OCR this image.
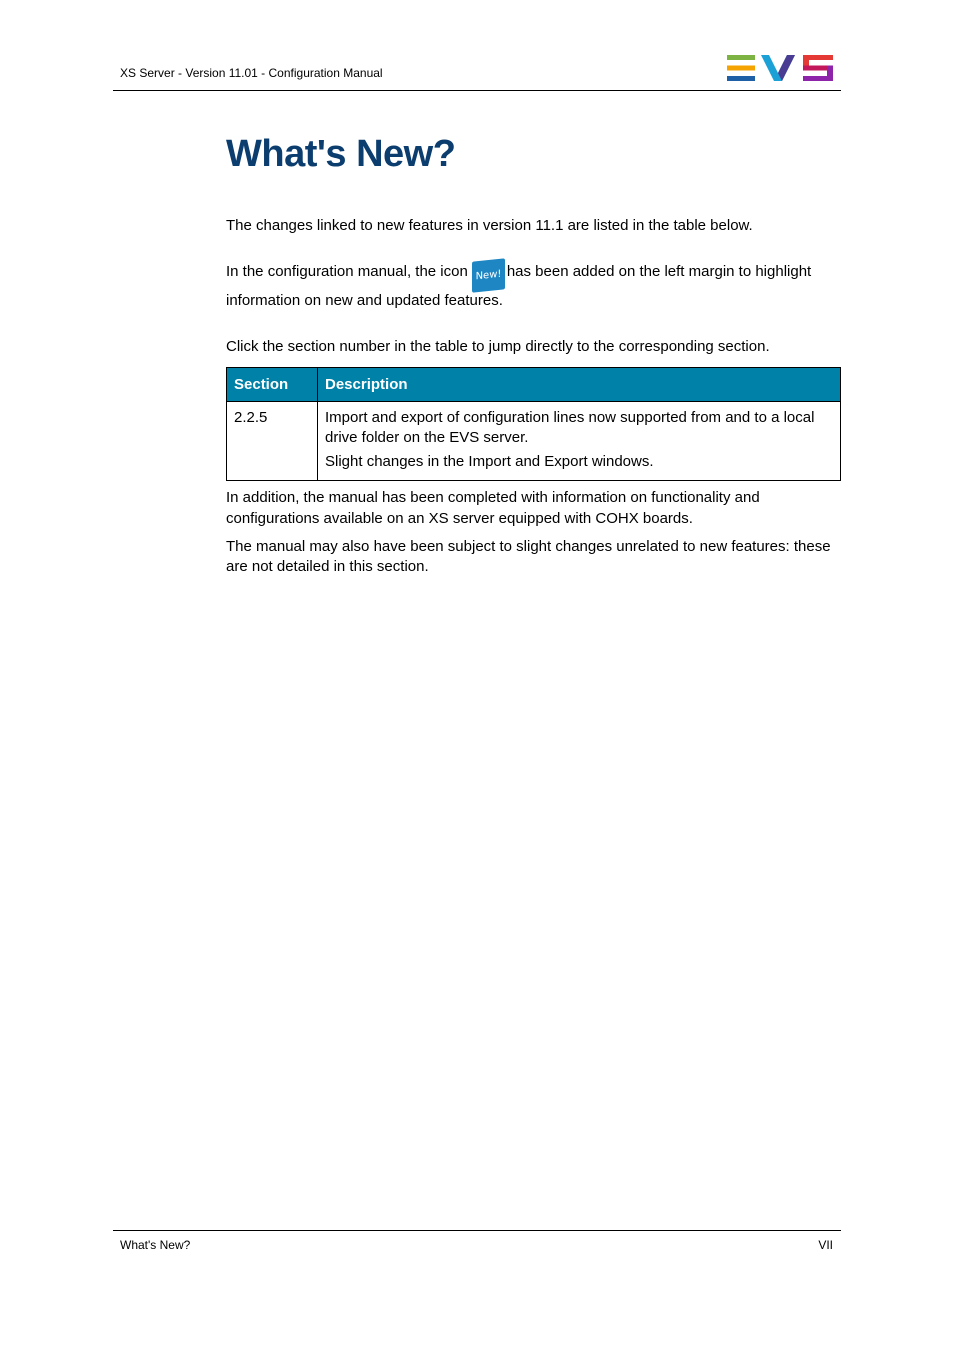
XS Server - Version 11.01 - Configuration Manual
What's New?

The changes linked to new features in version 11.1 are listed in the table below.

In the configuration manual, the icon New! has been added on the left margin to highlight information on new and updated features.

Click the section number in the table to jump directly to the corresponding section.

Section	Description
2.2.5	Import and export of configuration lines now supported from and to a local drive folder on the EVS server.

Slight changes in the Import and Export windows.

In addition, the manual has been completed with information on functionality and configurations available on an XS server equipped with COHX boards.

The manual may also have been subject to slight changes unrelated to new features: these are not detailed in this section.

What's New?	VII
